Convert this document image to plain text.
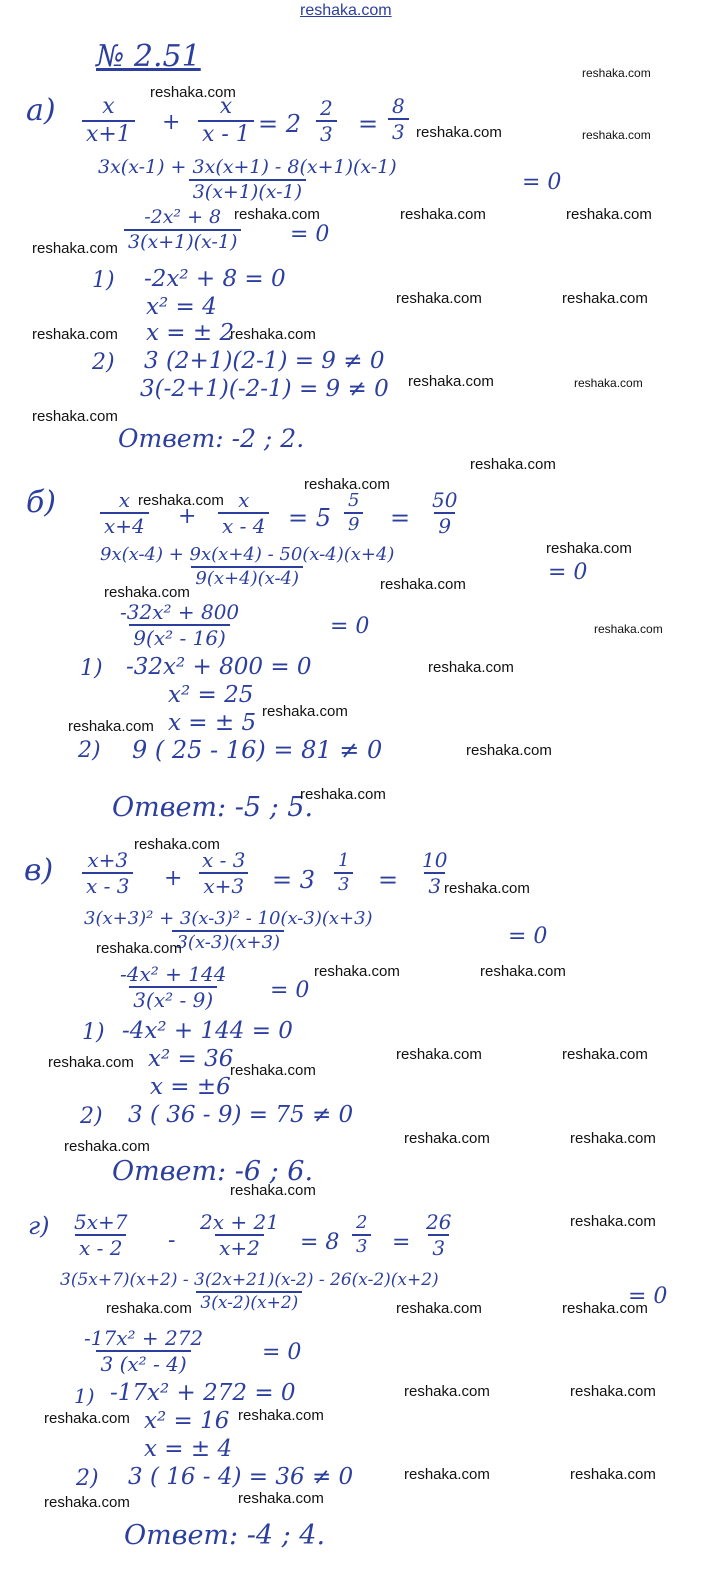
reshaka.com
№ 2.51
$а) \frac{x}{x+1} + \frac{x}{x - 1} = 2 \frac{2}{3} = \frac{8}{3}$
$\frac{3x(x-1) + 3x(x+1) - 8(x+1)(x-1)}{3(x+1)(x-1)}$	= 0
$\frac{\text{-2x² + 8}}{3(x+1)(x-1)} = 0$
1) -2x² + 8 = 0
x² = 4
x = ± 2
2) 3 (2+1)(2-1) = 9 ≠ 0
3(-2+1)(-2-1) = 9 ≠ 0
Ответ: -2 ; 2.
$б) \frac{x}{x+4} + \frac{x}{x - 4} = 5 \frac{5}{9} = \frac{50}{9}$
$\frac{9x(x-4) + 9x(x+4) - 50(x-4)(x+4)}{9(x+4)(x-4)}$	= 0
$\frac{\text{-32x² + 800}}{\text{9(x² - 16)}}$	= 0
1) -32x² + 800 = 0
x² = 25
x = ± 5
2) 9 ( 25 - 16) = 81 ≠ 0
Ответ: -5 ; 5.
$в) \frac{x+3}{x - 3} + \frac{x - 3}{x+3} = 3 \frac{1}{3} = \frac{10}{3}$
$\frac{\text{3(x+3)² + 3(x-3)² - 10(x-3)(x+3)}}{3(x-3)(x+3)}$	= 0
$\frac{\text{-4x² + 144}}{\text{3(x² - 9)}} = 0$
1) -4x² + 144 = 0
x² = 36
x = ±6
2) 3 ( 36 - 9) = 75 ≠ 0
Ответ: -6 ; 6.
$г) \frac{5x+7}{x - 2} - \frac{2x + 21}{x+2} = 8 \frac{2}{3} = \frac{26}{3}$
$\frac{3(5x+7)(x+2) - 3(2x+21)(x-2) - 26(x-2)(x+2)}{3(x-2)(x+2)}$	= 0
$\frac{\text{-17x² + 272}}{\text{3 (x² - 4)}} = 0$
1) -17x² + 272 = 0
x² = 16
x = ± 4
2) 3 ( 16 - 4) = 36 ≠ 0
Ответ: -4 ; 4.
reshaka.com
reshaka.com
reshaka.com	reshaka.com
reshaka.com	reshaka.com	reshaka.com
reshaka.com
reshaka.com	reshaka.com
reshaka.com	reshaka.com
reshaka.com	reshaka.com
reshaka.com
reshaka.com
reshaka.com
reshaka.com
reshaka.com
reshaka.com
reshaka.com
reshaka.com
reshaka.com
reshaka.com
reshaka.com
reshaka.com
reshaka.com
reshaka.com
reshaka.com
reshaka.com
reshaka.com	reshaka.com
reshaka.com	reshaka.com
reshaka.com	reshaka.com
reshaka.com	reshaka.com
reshaka.com
reshaka.com
reshaka.com
reshaka.com	reshaka.com	reshaka.com
reshaka.com	reshaka.com
reshaka.com	reshaka.com
reshaka.com	reshaka.com
reshaka.com	reshaka.com
